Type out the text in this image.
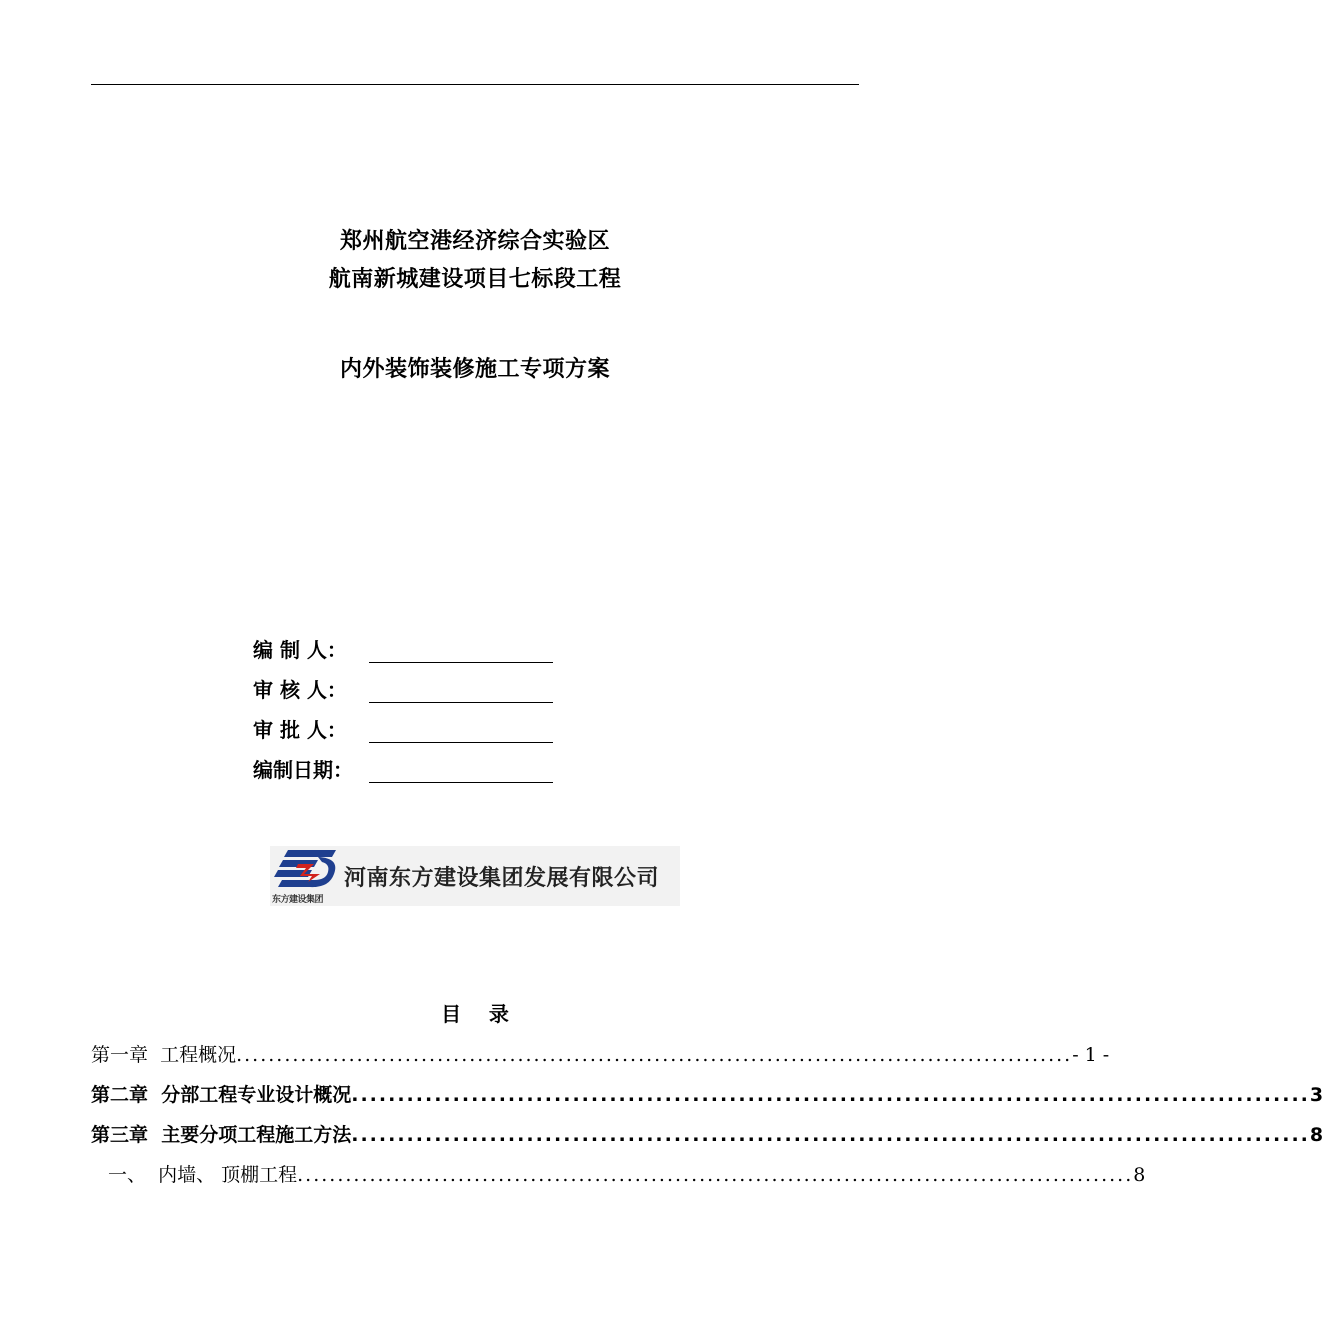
郑州航空港经济综合实验区
航南新城建设项目七标段工程
内外装饰装修施工专项方案
编 制 人：
审 核 人：
审 批 人：
编制日期：
东方建设集团
河南东方建设集团发展有限公司
目    录
第一章  工程概况 ........................................................................................................ - 1 -
第二章  分部工程专业设计概况 ........................................................................................................ 3
第三章  主要分项工程施工方法 ........................................................................................................ 8
一、  内墙、 顶棚工程 ........................................................................................................ 8
